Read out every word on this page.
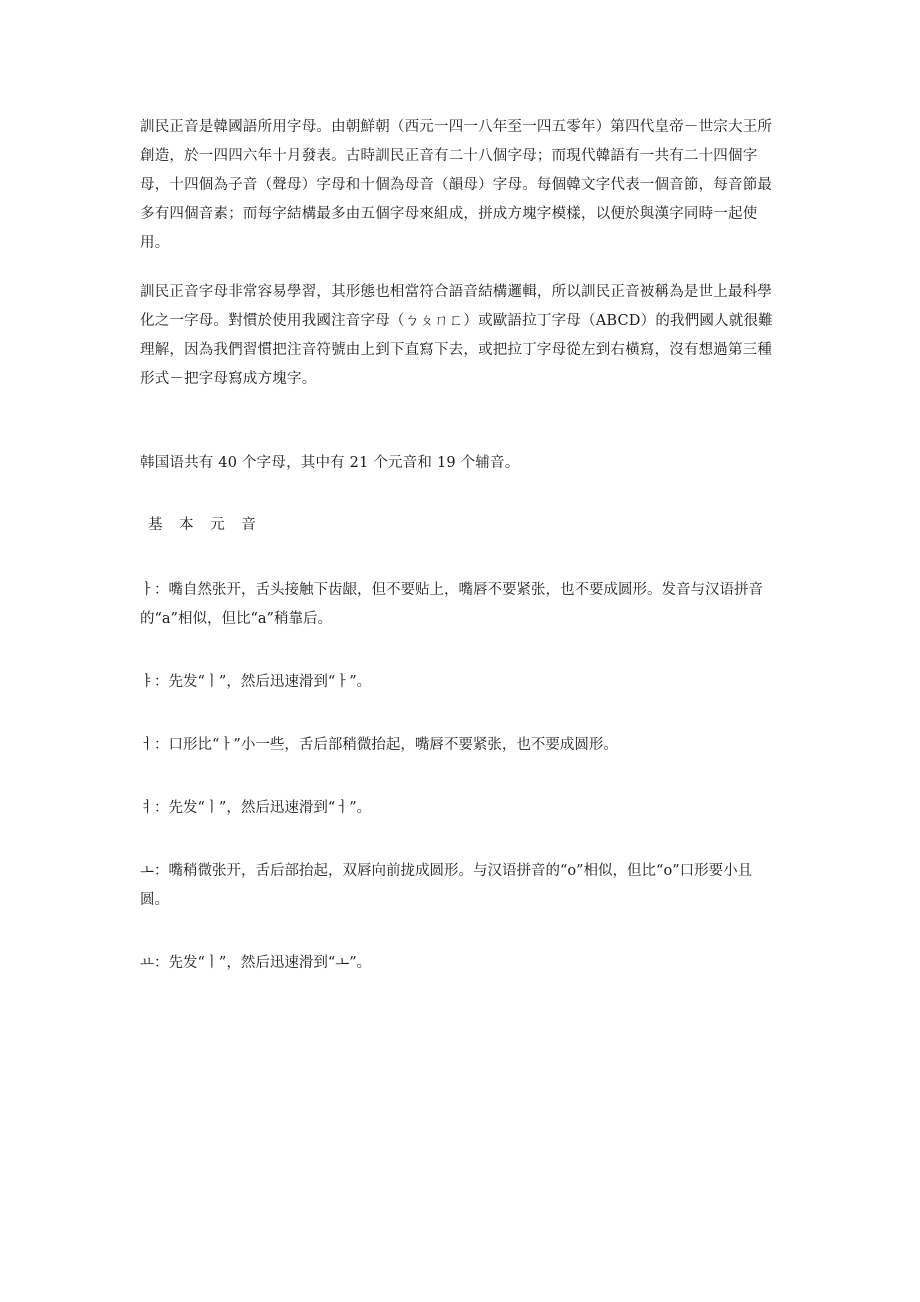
訓民正音是韓國語所用字母。由朝鮮朝（西元一四一八年至一四五零年）第四代皇帝－世宗大王所創造，於一四四六年十月發表。古時訓民正音有二十八個字母；而現代韓語有一共有二十四個字母，十四個為子音（聲母）字母和十個為母音（韻母）字母。每個韓文字代表一個音節，每音節最多有四個音素；而每字結構最多由五個字母來組成，拼成方塊字模樣，以便於與漢字同時一起使用。

訓民正音字母非常容易學習，其形態也相當符合語音結構邏輯，所以訓民正音被稱為是世上最科學化之一字母。對慣於使用我國注音字母（ㄅㄆㄇㄈ）或歐語拉丁字母（ABCD）的我們國人就很難理解，因為我們習慣把注音符號由上到下直寫下去，或把拉丁字母從左到右橫寫，沒有想過第三種形式－把字母寫成方塊字。

韩国语共有 40 个字母，其中有 21 个元音和 19 个辅音。

基 本 元 音

ㅏ：嘴自然张开，舌头接触下齿龈，但不要贴上，嘴唇不要紧张，也不要成圆形。发音与汉语拼音的“a”相似，但比“a”稍靠后。

ㅑ：先发“ㅣ”，然后迅速滑到“ㅏ”。

ㅓ：口形比“ㅏ”小一些，舌后部稍微抬起，嘴唇不要紧张，也不要成圆形。

ㅕ：先发“ㅣ”，然后迅速滑到“ㅓ”。

ㅗ：嘴稍微张开，舌后部抬起，双唇向前拢成圆形。与汉语拼音的“o”相似，但比“o”口形要小且圆。

ㅛ：先发“ㅣ”，然后迅速滑到“ㅗ”。
